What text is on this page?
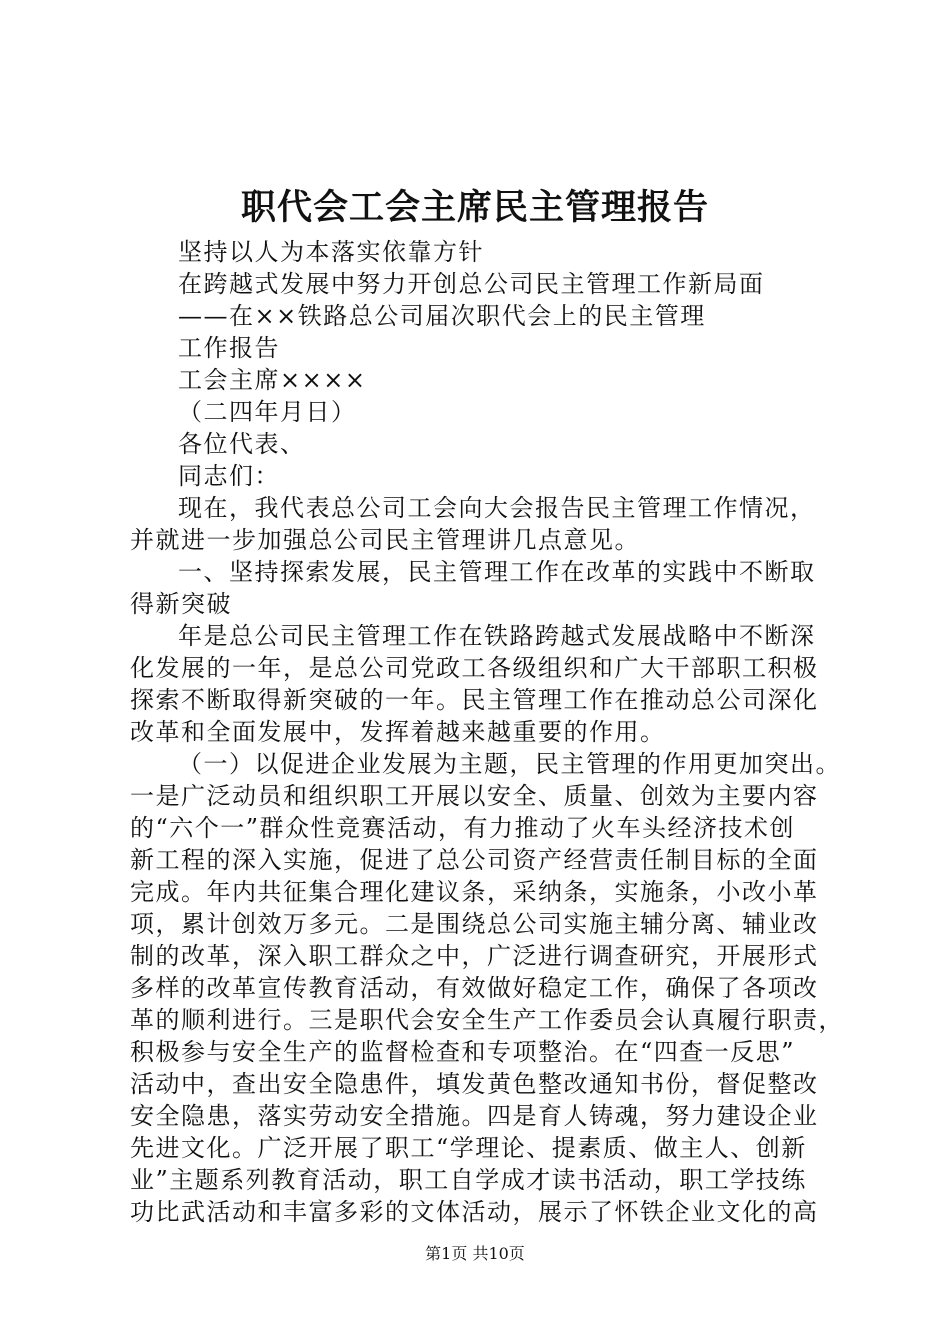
职代会工会主席民主管理报告
坚持以人为本落实依靠方针
在跨越式发展中努力开创总公司民主管理工作新局面
——在××铁路总公司届次职代会上的民主管理
工作报告
工会主席××××
（二四年月日）
各位代表、
同志们：
现在，我代表总公司工会向大会报告民主管理工作情况，
并就进一步加强总公司民主管理讲几点意见。
一、坚持探索发展，民主管理工作在改革的实践中不断取
得新突破
年是总公司民主管理工作在铁路跨越式发展战略中不断深
化发展的一年，是总公司党政工各级组织和广大干部职工积极
探索不断取得新突破的一年。民主管理工作在推动总公司深化
改革和全面发展中，发挥着越来越重要的作用。
（一）以促进企业发展为主题，民主管理的作用更加突出。
一是广泛动员和组织职工开展以安全、质量、创效为主要内容
的“六个一”群众性竞赛活动，有力推动了火车头经济技术创
新工程的深入实施，促进了总公司资产经营责任制目标的全面
完成。年内共征集合理化建议条，采纳条，实施条，小改小革
项，累计创效万多元。二是围绕总公司实施主辅分离、辅业改
制的改革，深入职工群众之中，广泛进行调查研究，开展形式
多样的改革宣传教育活动，有效做好稳定工作，确保了各项改
革的顺利进行。三是职代会安全生产工作委员会认真履行职责，
积极参与安全生产的监督检查和专项整治。在“四查一反思”
活动中，查出安全隐患件，填发黄色整改通知书份，督促整改
安全隐患，落实劳动安全措施。四是育人铸魂，努力建设企业
先进文化。广泛开展了职工“学理论、提素质、做主人、创新
业”主题系列教育活动，职工自学成才读书活动，职工学技练
功比武活动和丰富多彩的文体活动，展示了怀铁企业文化的高
第1页 共10页
